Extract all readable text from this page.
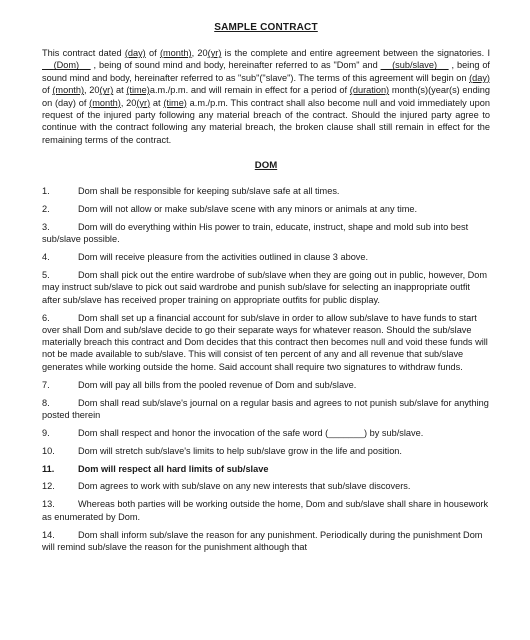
SAMPLE CONTRACT

This contract dated (day) of (month), 20(yr) is the complete and entire agreement between the signatories. I     (Dom)     , being of sound mind and body, hereinafter referred to as "Dom" and     (sub/slave)     , being of sound mind and body, hereinafter referred to as "sub"("slave"). The terms of this agreement will begin on (day) of (month), 20(yr) at (time)a.m./p.m. and will remain in effect for a period of (duration) month(s)(year(s) ending on (day) of (month), 20(yr) at (time) a.m./p.m. This contract shall also become null and void immediately upon request of the injured party following any material breach of the contract. Should the injured party agree to continue with the contract following any material breach, the broken clause shall still remain in effect for the remaining terms of the contract.

DOM
1.	Dom shall be responsible for keeping sub/slave safe at all times.
2.	Dom will not allow or make sub/slave scene with any minors or animals at any time.
3.	Dom will do everything within His power to train, educate, instruct, shape and mold sub into best sub/slave possible.
4.	Dom will receive pleasure from the activities outlined in clause 3 above.
5.	Dom shall pick out the entire wardrobe of sub/slave when they are going out in public, however, Dom may instruct sub/slave to pick out said wardrobe and punish sub/slave for selecting an inappropriate outfit after sub/slave has received proper training on appropriate outfits for public display.
6.	Dom shall set up a financial account for sub/slave in order to allow sub/slave to have funds to start over shall Dom and sub/slave decide to go their separate ways for whatever reason. Should the sub/slave materially breach this contract and Dom decides that this contract then becomes null and void these funds will not be made available to sub/slave. This will consist of ten percent of any and all revenue that sub/slave generates while working outside the home. Said account shall require two signatures to withdraw funds.
7.	Dom will pay all bills from the pooled revenue of Dom and sub/slave.
8.	Dom shall read sub/slave's journal on a regular basis and agrees to not punish sub/slave for anything posted therein
9.	Dom shall respect and honor the invocation of the safe word (_______) by sub/slave.
10.	Dom will stretch sub/slave's limits to help sub/slave grow in the life and position.
11.	Dom will respect all hard limits of sub/slave
12.	Dom agrees to work with sub/slave on any new interests that sub/slave discovers.
13.	Whereas both parties will be working outside the home, Dom and sub/slave shall share in housework as enumerated by Dom.
14.	Dom shall inform sub/slave the reason for any punishment. Periodically during the punishment Dom will remind sub/slave the reason for the punishment although that
